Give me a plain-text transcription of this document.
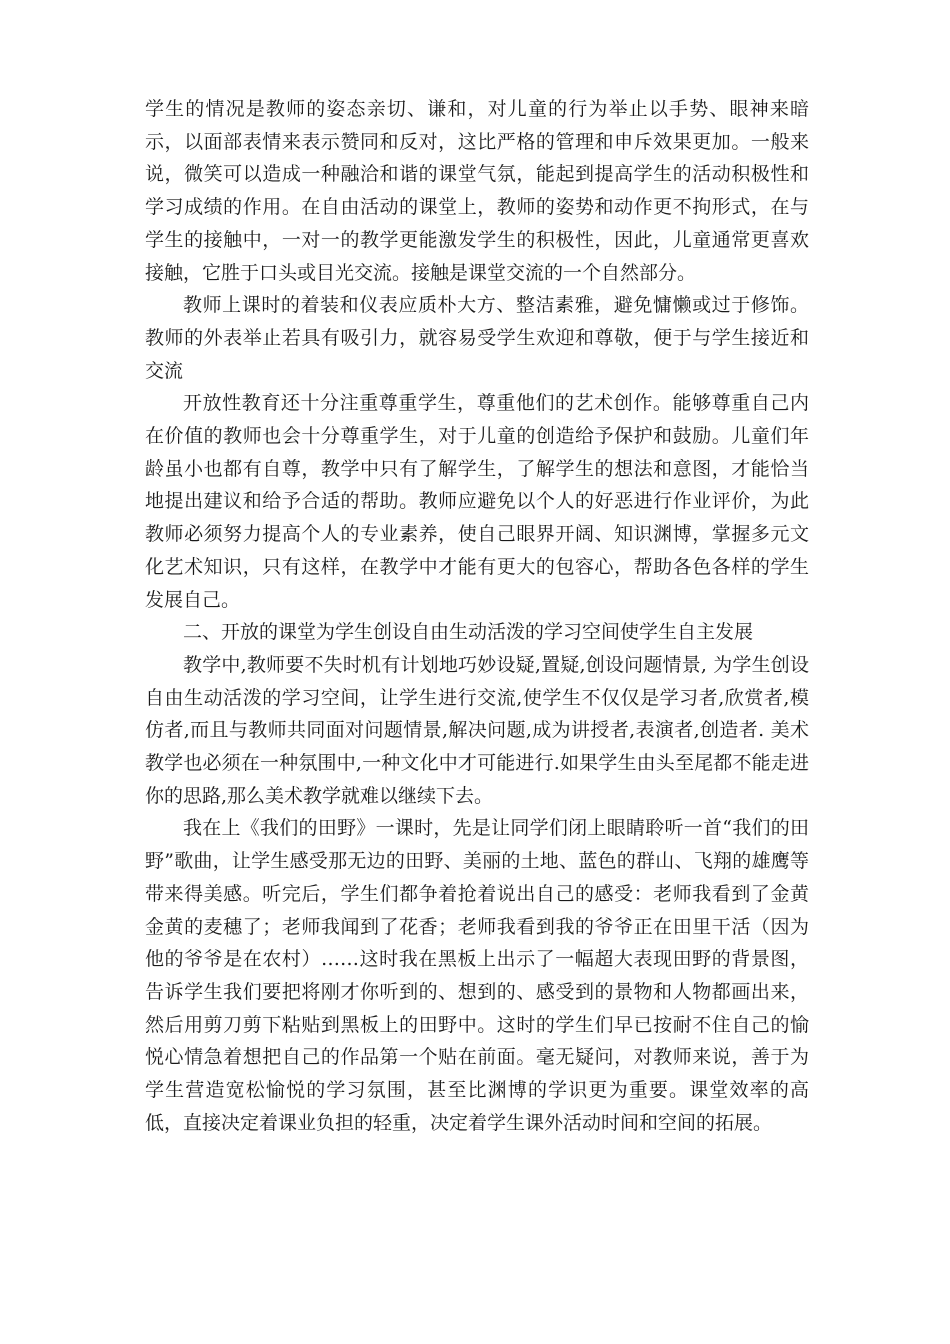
学生的情况是教师的姿态亲切、谦和，对儿童的行为举止以手势、眼神来暗示，以面部表情来表示赞同和反对，这比严格的管理和申斥效果更加。一般来说，微笑可以造成一种融洽和谐的课堂气氛，能起到提高学生的活动积极性和学习成绩的作用。在自由活动的课堂上，教师的姿势和动作更不拘形式，在与学生的接触中，一对一的教学更能激发学生的积极性，因此，儿童通常更喜欢接触，它胜于口头或目光交流。接触是课堂交流的一个自然部分。

教师上课时的着装和仪表应质朴大方、整洁素雅，避免慵懒或过于修饰。教师的外表举止若具有吸引力，就容易受学生欢迎和尊敬，便于与学生接近和交流

开放性教育还十分注重尊重学生，尊重他们的艺术创作。能够尊重自己内在价值的教师也会十分尊重学生，对于儿童的创造给予保护和鼓励。儿童们年龄虽小也都有自尊，教学中只有了解学生，了解学生的想法和意图，才能恰当地提出建议和给予合适的帮助。教师应避免以个人的好恶进行作业评价，为此教师必须努力提高个人的专业素养，使自己眼界开阔、知识渊博，掌握多元文化艺术知识，只有这样，在教学中才能有更大的包容心，帮助各色各样的学生发展自己。

二、开放的课堂为学生创设自由生动活泼的学习空间使学生自主发展

教学中,教师要不失时机有计划地巧妙设疑,置疑,创设问题情景, 为学生创设自由生动活泼的学习空间，让学生进行交流,使学生不仅仅是学习者,欣赏者,模仿者,而且与教师共同面对问题情景,解决问题,成为讲授者,表演者,创造者. 美术教学也必须在一种氛围中,一种文化中才可能进行.如果学生由头至尾都不能走进你的思路,那么美术教学就难以继续下去。

我在上《我们的田野》一课时，先是让同学们闭上眼睛聆听一首“我们的田野”歌曲，让学生感受那无边的田野、美丽的土地、蓝色的群山、飞翔的雄鹰等带来得美感。听完后，学生们都争着抢着说出自己的感受：老师我看到了金黄金黄的麦穗了；老师我闻到了花香；老师我看到我的爷爷正在田里干活（因为他的爷爷是在农村）……这时我在黑板上出示了一幅超大表现田野的背景图，告诉学生我们要把将刚才你听到的、想到的、感受到的景物和人物都画出来，然后用剪刀剪下粘贴到黑板上的田野中。这时的学生们早已按耐不住自己的愉悦心情急着想把自己的作品第一个贴在前面。毫无疑问，对教师来说，善于为学生营造宽松愉悦的学习氛围，甚至比渊博的学识更为重要。课堂效率的高低，直接决定着课业负担的轻重，决定着学生课外活动时间和空间的拓展。
